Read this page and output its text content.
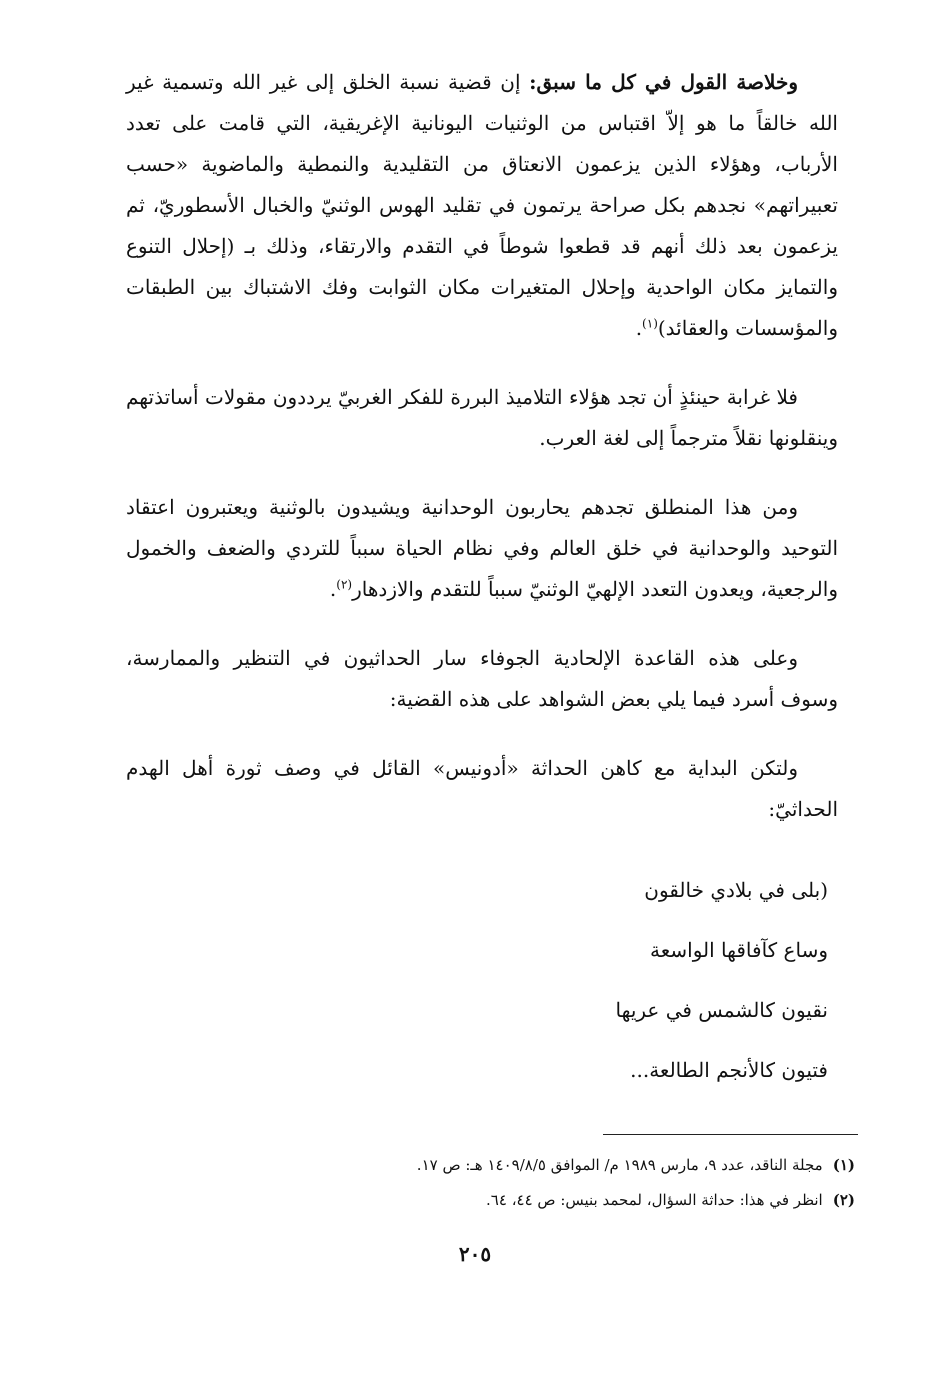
وخلاصة القول في كل ما سبق: إن قضية نسبة الخلق إلى غير الله وتسمية غير الله خالقاً ما هو إلاّ اقتباس من الوثنيات اليونانية الإغريقية، التي قامت على تعدد الأرباب، وهؤلاء الذين يزعمون الانعتاق من التقليدية والنمطية والماضوية «حسب تعبيراتهم» نجدهم بكل صراحة يرتمون في تقليد الهوس الوثنيّ والخبال الأسطوريّ، ثم يزعمون بعد ذلك أنهم قد قطعوا شوطاً في التقدم والارتقاء، وذلك بـ (إحلال التنوع والتمايز مكان الواحدية وإحلال المتغيرات مكان الثوابت وفك الاشتباك بين الطبقات والمؤسسات والعقائد)$^{(١)}$.

فلا غرابة حينئذٍ أن تجد هؤلاء التلاميذ البررة للفكر الغربيّ يرددون مقولات أساتذتهم وينقلونها نقلاً مترجماً إلى لغة العرب.

ومن هذا المنطلق تجدهم يحاربون الوحدانية ويشيدون بالوثنية ويعتبرون اعتقاد التوحيد والوحدانية في خلق العالم وفي نظام الحياة سبباً للتردي والضعف والخمول والرجعية، ويعدون التعدد الإلهيّ الوثنيّ سبباً للتقدم والازدهار$^{(٢)}$.

وعلى هذه القاعدة الإلحادية الجوفاء سار الحداثيون في التنظير والممارسة، وسوف أسرد فيما يلي بعض الشواهد على هذه القضية:

ولتكن البداية مع كاهن الحداثة «أدونيس» القائل في وصف ثورة أهل الهدم الحداثيّ:

(بلى في بلادي خالقون

وساع كآفاقها الواسعة

نقيون كالشمس في عريها

فتيون كالأنجم الطالعة...

(١)مجلة الناقد، عدد ٩، مارس ١٩٨٩ م/ الموافق ١٤٠٩/٨/٥ هـ: ص ١٧.

(٢)انظر في هذا: حداثة السؤال، لمحمد بنيس: ص ٤٤، ٦٤.

٢٠٥
